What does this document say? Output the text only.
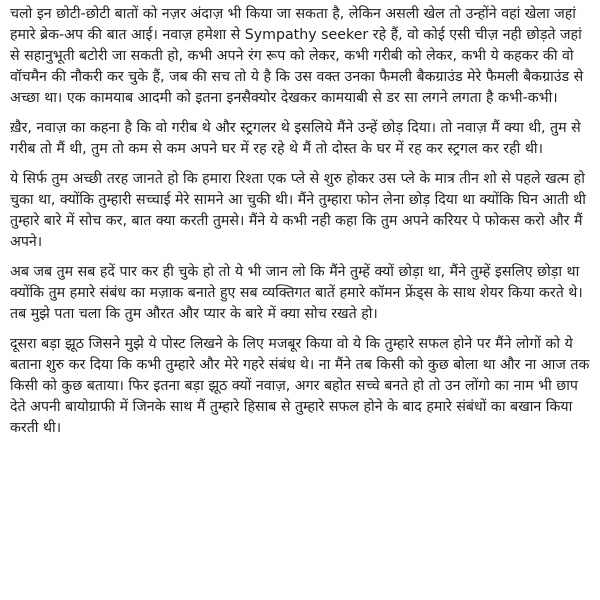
चलो इन छोटी-छोटी बातों को नज़र अंदाज़ भी किया जा सकता है, लेकिन असली खेल तो उन्होंने वहां खेला जहां हमारे ब्रेक-अप की बात आई। नवाज़ हमेशा से Sympathy seeker रहे हैं, वो कोई एसी चीज़ नही छोड़ते जहां से सहानुभूती बटोरी जा सकती हो, कभी अपने रंग रूप को लेकर, कभी गरीबी को लेकर, कभी ये कहकर की वो वॉचमैन की नौकरी कर चुके हैं, जब की सच तो ये है कि उस वक्त उनका फैमली बैकग्राउंड मेरे फैमली बैकग्राउंड से अच्छा था। एक कामयाब आदमी को इतना इनसैक्योर देखकर कामयाबी से डर सा लगने लगता है कभी-कभी।

ख़ैर, नवाज़ का कहना है कि वो गरीब थे और स्ट्रगलर थे इसलिये मैंने उन्हें छोड़ दिया। तो नवाज़ मैं क्या थी, तुम से गरीब तो मैं थी, तुम तो कम से कम अपने घर में रह रहे थे मैं तो दोस्त के घर में रह कर स्ट्रगल कर रही थी।

ये सिर्फ तुम अच्छी तरह जानते हो कि हमारा रिश्ता एक प्ले से शुरु होकर उस प्ले के मात्र तीन शो से पहले खत्म हो चुका था, क्योंकि तुम्हारी सच्चाई मेरे सामने आ चुकी थी। मैंने तुम्हारा फोन लेना छोड़ दिया था क्योंकि घिन आती थी तुम्हारे बारे में सोच कर, बात क्या करती तुमसे। मैंने ये कभी नही कहा कि तुम अपने करियर पे फोकस करो और मैं अपने।

अब जब तुम सब हदें पार कर ही चुके हो तो ये भी जान लो कि मैंने तुम्हें क्यों छोड़ा था, मैंने तुम्हें इसलिए छोड़ा था क्योंकि तुम हमारे संबंध का मज़ाक बनाते हुए सब व्यक्तिगत बातें हमारे कॉमन फ्रेंड्स के साथ शेयर किया करते थे। तब मुझे पता चला कि तुम औरत और प्यार के बारे में क्या सोच रखते हो।

दूसरा बड़ा झूठ जिसने मुझे ये पोस्ट लिखने के लिए मजबूर किया वो ये कि तुम्हारे सफल होने पर मैंने लोगों को ये बताना शुरु कर दिया कि कभी तुम्हारे और मेरे गहरे संबंध थे। ना मैंने तब किसी को कुछ बोला था और ना आज तक किसी को कुछ बताया। फिर इतना बड़ा झूठ क्यों नवाज़, अगर बहोत सच्चे बनते हो तो उन लोंगो का नाम भी छाप देते अपनी बायोग्राफी में जिनके साथ मैं तुम्हारे हिसाब से तुम्हारे सफल होने के बाद हमारे संबंधों का बखान किया करती थी।
